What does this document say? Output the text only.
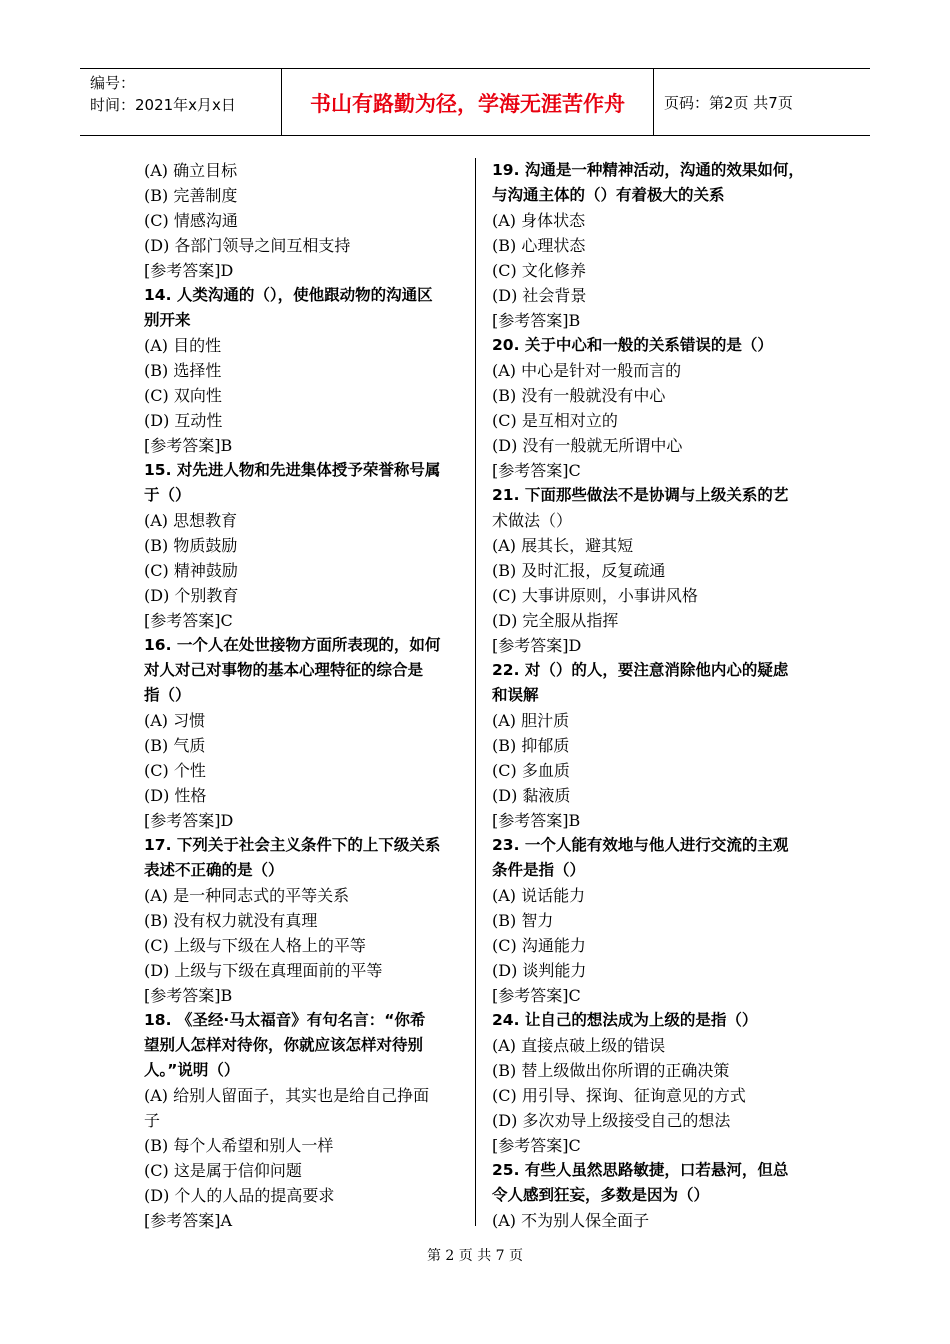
编号：
时间：2021年x月x日	书山有路勤为径，学海无涯苦作舟	页码：第2页 共7页
(A) 确立目标
(B) 完善制度
(C) 情感沟通
(D) 各部门领导之间互相支持
[参考答案]D
14. 人类沟通的（），使他跟动物的沟通区
别开来
(A) 目的性
(B) 选择性
(C) 双向性
(D) 互动性
[参考答案]B
15. 对先进人物和先进集体授予荣誉称号属
于（）
(A) 思想教育
(B) 物质鼓励
(C) 精神鼓励
(D) 个别教育
[参考答案]C
16. 一个人在处世接物方面所表现的，如何
对人对己对事物的基本心理特征的综合是
指（）
(A) 习惯
(B) 气质
(C) 个性
(D) 性格
[参考答案]D
17. 下列关于社会主义条件下的上下级关系
表述不正确的是（）
(A) 是一种同志式的平等关系
(B) 没有权力就没有真理
(C) 上级与下级在人格上的平等
(D) 上级与下级在真理面前的平等
[参考答案]B
18. 《圣经·马太福音》有句名言：“你希
望别人怎样对待你，你就应该怎样对待别
人。”说明（）
(A) 给别人留面子，其实也是给自己挣面
子
(B) 每个人希望和别人一样
(C) 这是属于信仰问题
(D) 个人的人品的提高要求
[参考答案]A
19. 沟通是一种精神活动，沟通的效果如何，
与沟通主体的（）有着极大的关系
(A) 身体状态
(B) 心理状态
(C) 文化修养
(D) 社会背景
[参考答案]B
20. 关于中心和一般的关系错误的是（）
(A) 中心是针对一般而言的
(B) 没有一般就没有中心
(C) 是互相对立的
(D) 没有一般就无所谓中心
[参考答案]C
21. 下面那些做法不是协调与上级关系的艺
术做法（）
(A) 展其长，避其短
(B) 及时汇报，反复疏通
(C) 大事讲原则，小事讲风格
(D) 完全服从指挥
[参考答案]D
22. 对（）的人，要注意消除他内心的疑虑
和误解
(A) 胆汁质
(B) 抑郁质
(C) 多血质
(D) 黏液质
[参考答案]B
23. 一个人能有效地与他人进行交流的主观
条件是指（）
(A) 说话能力
(B) 智力
(C) 沟通能力
(D) 谈判能力
[参考答案]C
24. 让自己的想法成为上级的是指（）
(A) 直接点破上级的错误
(B) 替上级做出你所谓的正确决策
(C) 用引导、探询、征询意见的方式
(D) 多次劝导上级接受自己的想法
[参考答案]C
25. 有些人虽然思路敏捷，口若悬河，但总
令人感到狂妄，多数是因为（）
(A) 不为别人保全面子
第 2 页 共 7 页
